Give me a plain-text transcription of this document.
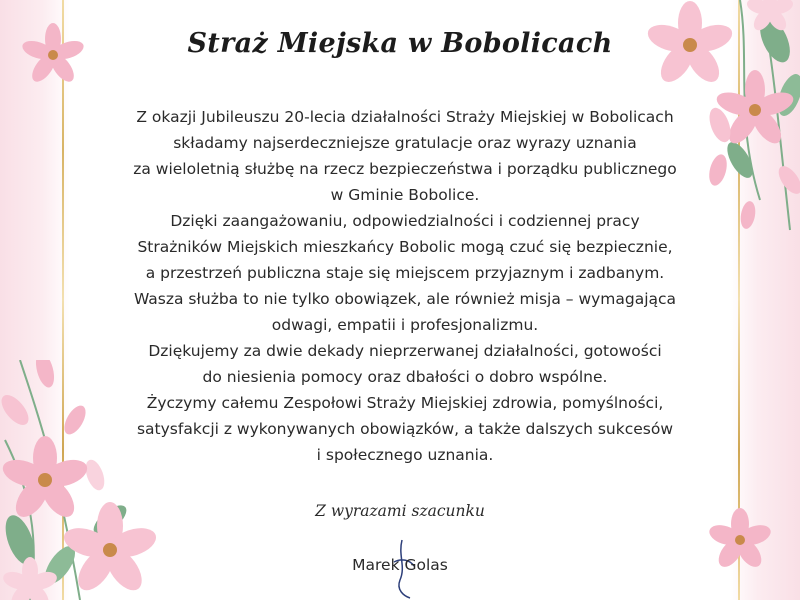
Straż Miejska w Bobolicach
Z okazji Jubileuszu 20-lecia działalności Straży Miejskiej w Bobolicach
składamy najserdeczniejsze gratulacje oraz wyrazy uznania
za wieloletnią służbę na rzecz bezpieczeństwa i porządku publicznego
w Gminie Bobolice.
Dzięki zaangażowaniu, odpowiedzialności i codziennej pracy
Strażników Miejskich mieszkańcy Bobolic mogą czuć się bezpiecznie,
a przestrzeń publiczna staje się miejscem przyjaznym i zadbanym.
Wasza służba to nie tylko obowiązek, ale również misja – wymagająca
odwagi, empatii i profesjonalizmu.
Dziękujemy za dwie dekady nieprzerwanej działalności, gotowości
do niesienia pomocy oraz dbałości o dobro wspólne.
Życzymy całemu Zespołowi Straży Miejskiej zdrowia, pomyślności,
satysfakcji z wykonywanych obowiązków, a także dalszych sukcesów
i społecznego uznania.
Z wyrazami szacunku
Marek Golas
